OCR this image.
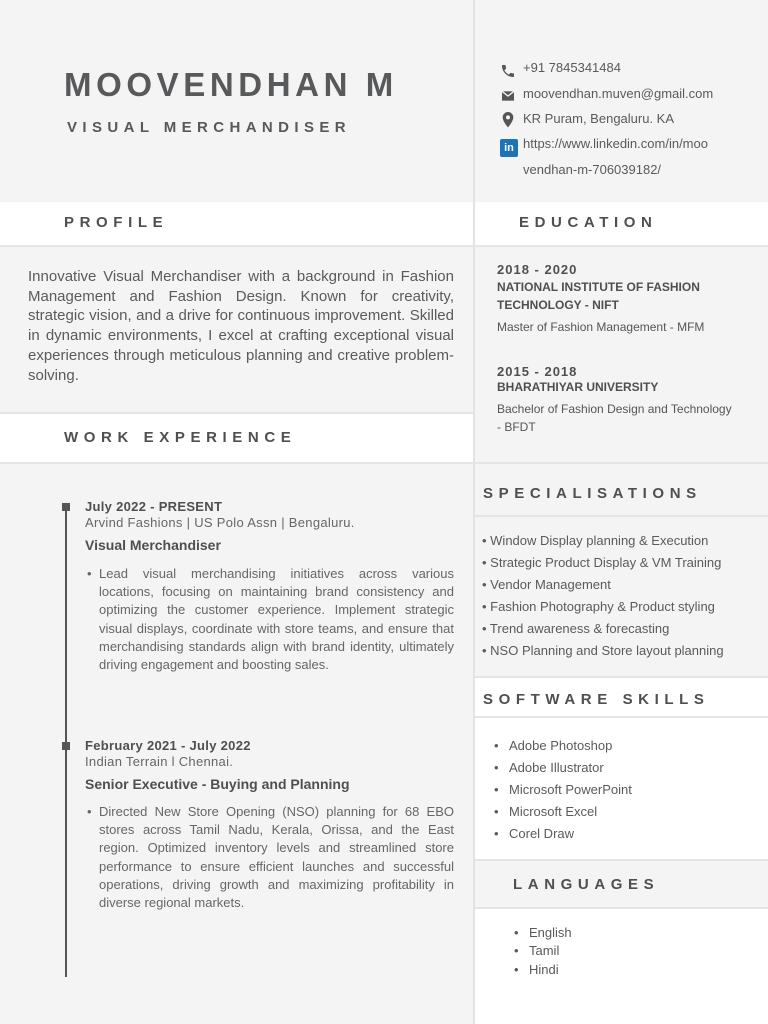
MOOVENDHAN M
VISUAL MERCHANDISER
+91 7845341484
moovendhan.muven@gmail.com
KR Puram, Bengaluru. KA
in https://www.linkedin.com/in/moo
vendhan-m-706039182/
PROFILE
Innovative Visual Merchandiser with a background in Fashion Management and Fashion Design. Known for creativity, strategic vision, and a drive for continuous improvement. Skilled in dynamic environments, I excel at crafting exceptional visual experiences through meticulous planning and creative problem-solving.
WORK EXPERIENCE
July 2022 - PRESENT
Arvind Fashions | US Polo Assn | Bengaluru.
Visual Merchandiser
• Lead visual merchandising initiatives across various locations, focusing on maintaining brand consistency and optimizing the customer experience. Implement strategic visual displays, coordinate with store teams, and ensure that merchandising standards align with brand identity, ultimately driving engagement and boosting sales.
February 2021 - July 2022
Indian Terrain l Chennai.
Senior Executive - Buying and Planning
• Directed New Store Opening (NSO) planning for 68 EBO stores across Tamil Nadu, Kerala, Orissa, and the East region. Optimized inventory levels and streamlined store performance to ensure efficient launches and successful operations, driving growth and maximizing profitability in diverse regional markets.
EDUCATION
2018 - 2020
NATIONAL INSTITUTE OF FASHION TECHNOLOGY - NIFT
Master of Fashion Management - MFM
2015 - 2018
BHARATHIYAR UNIVERSITY
Bachelor of Fashion Design and Technology - BFDT
SPECIALISATIONS
• Window Display planning & Execution
• Strategic Product Display & VM Training
• Vendor Management
• Fashion Photography & Product styling
• Trend awareness & forecasting
• NSO Planning and Store layout planning
SOFTWARE SKILLS
• Adobe Photoshop
• Adobe Illustrator
• Microsoft PowerPoint
• Microsoft Excel
• Corel Draw
LANGUAGES
• English
• Tamil
• Hindi
